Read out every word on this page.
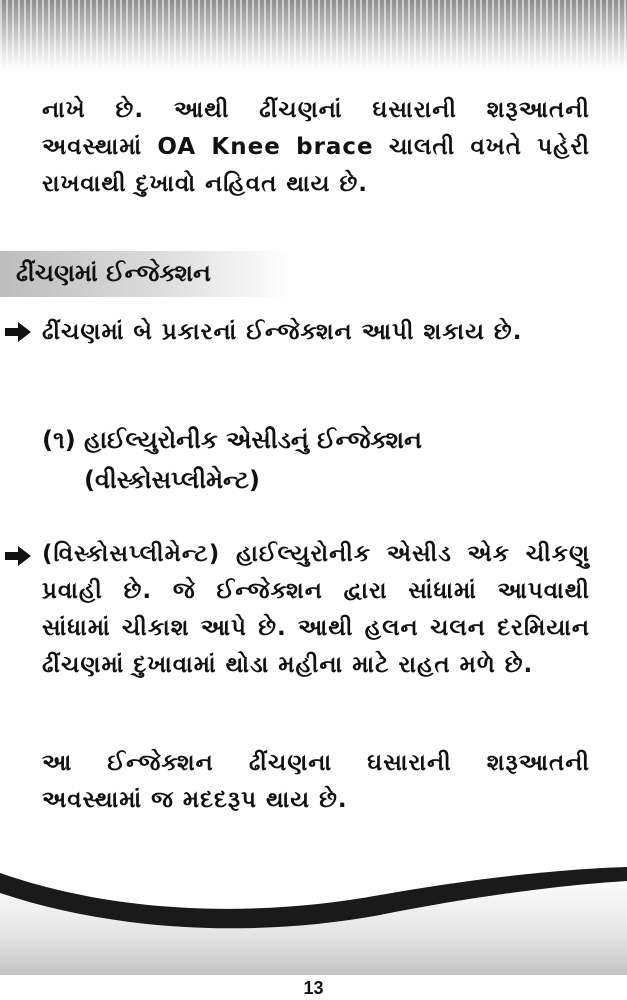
નાખે છે. આથી ઢીંચણનાં ઘસારાની શરૂઆતની
અવસ્થામાં OA Knee brace ચાલતી વખતે પહેરી
રાખવાથી દુખાવો નહિવત થાય છે.
ઢીંચણમાં ઈન્જેક્શન
ઢીંચણમાં બે પ્રકારનાં ઈન્જેક્શન આપી શકાય છે.
(૧) હાઈલ્યુરોનીક એસીડનું ઈન્જેક્શન
(વીસ્કોસપ્લીમેન્ટ)
(વિસ્કોસપ્લીમેન્ટ) હાઈલ્યુરોનીક એસીડ એક ચીકણુ
પ્રવાહી છે. જે ઈન્જેક્શન દ્વારા સાંધામાં આપવાથી
સાંધામાં ચીકાશ આપે છે. આથી હલન ચલન દરમિયાન
ઢીંચણમાં દુખાવામાં થોડા મહીના માટે રાહત મળે છે.
આ ઈન્જેક્શન ઢીંચણના ઘસારાની શરૂઆતની
અવસ્થામાં જ મદદરૂપ થાય છે.
13
